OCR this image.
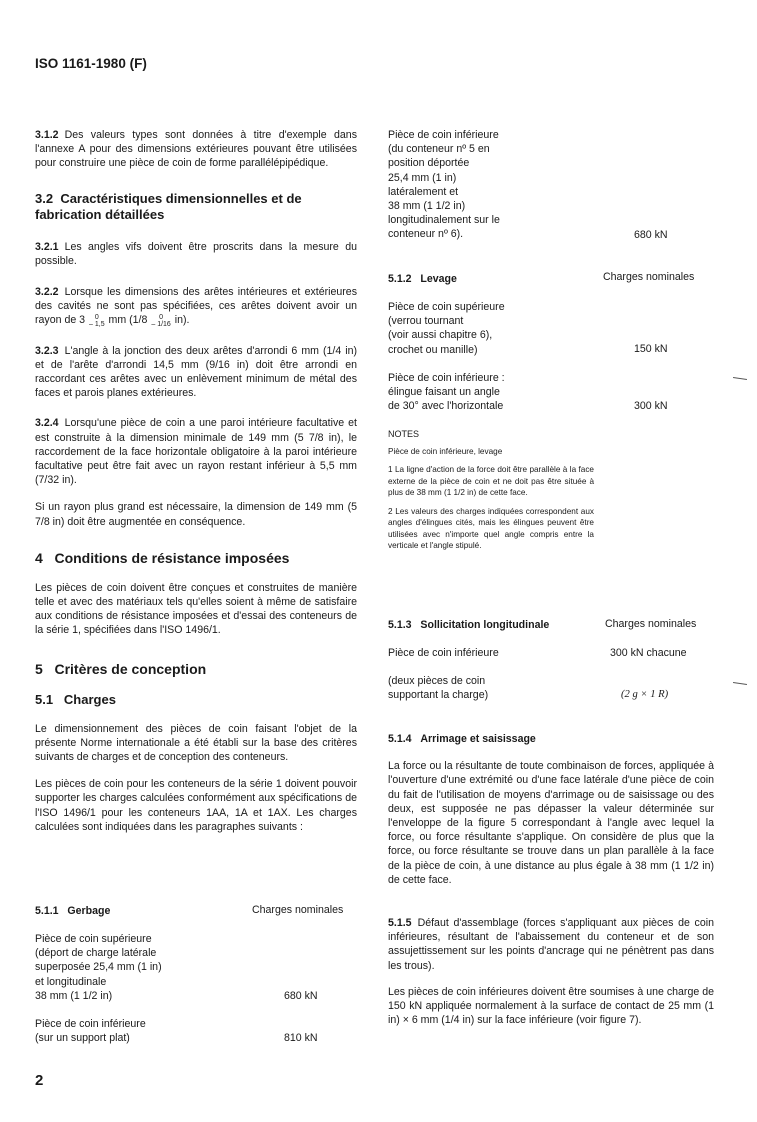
ISO 1161-1980 (F)

3.1.2 Des valeurs types sont données à titre d'exemple dans l'annexe A pour des dimensions extérieures pouvant être utilisées pour construire une pièce de coin de forme parallélépipédique.

3.2 Caractéristiques dimensionnelles et de fabrication détaillées

3.2.1 Les angles vifs doivent être proscrits dans la mesure du possible.

3.2.2 Lorsque les dimensions des arêtes intérieures et extérieures des cavités ne sont pas spécifiées, ces arêtes doivent avoir un rayon de 3 0
– 1,5 mm (1/8 0
– 1/16 in).

3.2.3 L'angle à la jonction des deux arêtes d'arrondi 6 mm (1/4 in) et de l'arête d'arrondi 14,5 mm (9/16 in) doit être arrondi en raccordant ces arêtes avec un enlèvement minimum de métal des faces et parois planes extérieures.

3.2.4 Lorsqu'une pièce de coin a une paroi intérieure facultative et est construite à la dimension minimale de 149 mm (5 7/8 in), le raccordement de la face horizontale obligatoire à la paroi intérieure facultative peut être fait avec un rayon restant inférieur à 5,5 mm (7/32 in).

Si un rayon plus grand est nécessaire, la dimension de 149 mm (5 7/8 in) doit être augmentée en conséquence.

4 Conditions de résistance imposées

Les pièces de coin doivent être conçues et construites de manière telle et avec des matériaux tels qu'elles soient à même de satisfaire aux conditions de résistance imposées et d'essai des conteneurs de la série 1, spécifiées dans l'ISO 1496/1.

5 Critères de conception
5.1 Charges

Le dimensionnement des pièces de coin faisant l'objet de la présente Norme internationale a été établi sur la base des critères suivants de charges et de conception des conteneurs.

Les pièces de coin pour les conteneurs de la série 1 doivent pouvoir supporter les charges calculées conformément aux spécifications de l'ISO 1496/1 pour les conteneurs 1AA, 1A et 1AX. Les charges calculées sont indiquées dans les paragraphes suivants :

5.1.1 Gerbage	Charges nominales
Pièce de coin supérieure
(déport de charge latérale
superposée 25,4 mm (1 in)
et longitudinale
38 mm (1 1/2 in)	680 kN
Pièce de coin inférieure
(sur un support plat)	810 kN
2
Pièce de coin inférieure
(du conteneur nº 5 en
position déportée
25,4 mm (1 in)
latéralement et
38 mm (1 1/2 in)
longitudinalement sur le
conteneur nº 6).	680 kN
5.1.2 Levage	Charges nominales
Pièce de coin supérieure
(verrou tournant
(voir aussi chapitre 6),
crochet ou manille)	150 kN
Pièce de coin inférieure :
élingue faisant un angle
de 30° avec l'horizontale	300 kN
NOTES
Pièce de coin inférieure, levage

1 La ligne d'action de la force doit être parallèle à la face externe de la pièce de coin et ne doit pas être située à plus de 38 mm (1 1/2 in) de cette face.

2 Les valeurs des charges indiquées correspondent aux angles d'élingues cités, mais les élingues peuvent être utilisées avec n'importe quel angle compris entre la verticale et l'angle stipulé.

5.1.3 Sollicitation longitudinale	Charges nominales
Pièce de coin inférieure	300 kN chacune
(deux pièces de coin
supportant la charge)	(2 g × 1 R)
5.1.4 Arrimage et saisissage

La force ou la résultante de toute combinaison de forces, appliquée à l'ouverture d'une extrémité ou d'une face latérale d'une pièce de coin du fait de l'utilisation de moyens d'arrimage ou de saisissage ou des deux, est supposée ne pas dépasser la valeur déterminée sur l'enveloppe de la figure 5 correspondant à l'angle avec lequel la force, ou force résultante s'applique. On considère de plus que la force, ou force résultante se trouve dans un plan parallèle à la face de la pièce de coin, à une distance au plus égale à 38 mm (1 1/2 in) de cette face.

5.1.5 Défaut d'assemblage (forces s'appliquant aux pièces de coin inférieures, résultant de l'abaissement du conteneur et de son assujettissement sur les points d'ancrage qui ne pénètrent pas dans les trous).

Les pièces de coin inférieures doivent être soumises à une charge de 150 kN appliquée normalement à la surface de contact de 25 mm (1 in) × 6 mm (1/4 in) sur la face inférieure (voir figure 7).
